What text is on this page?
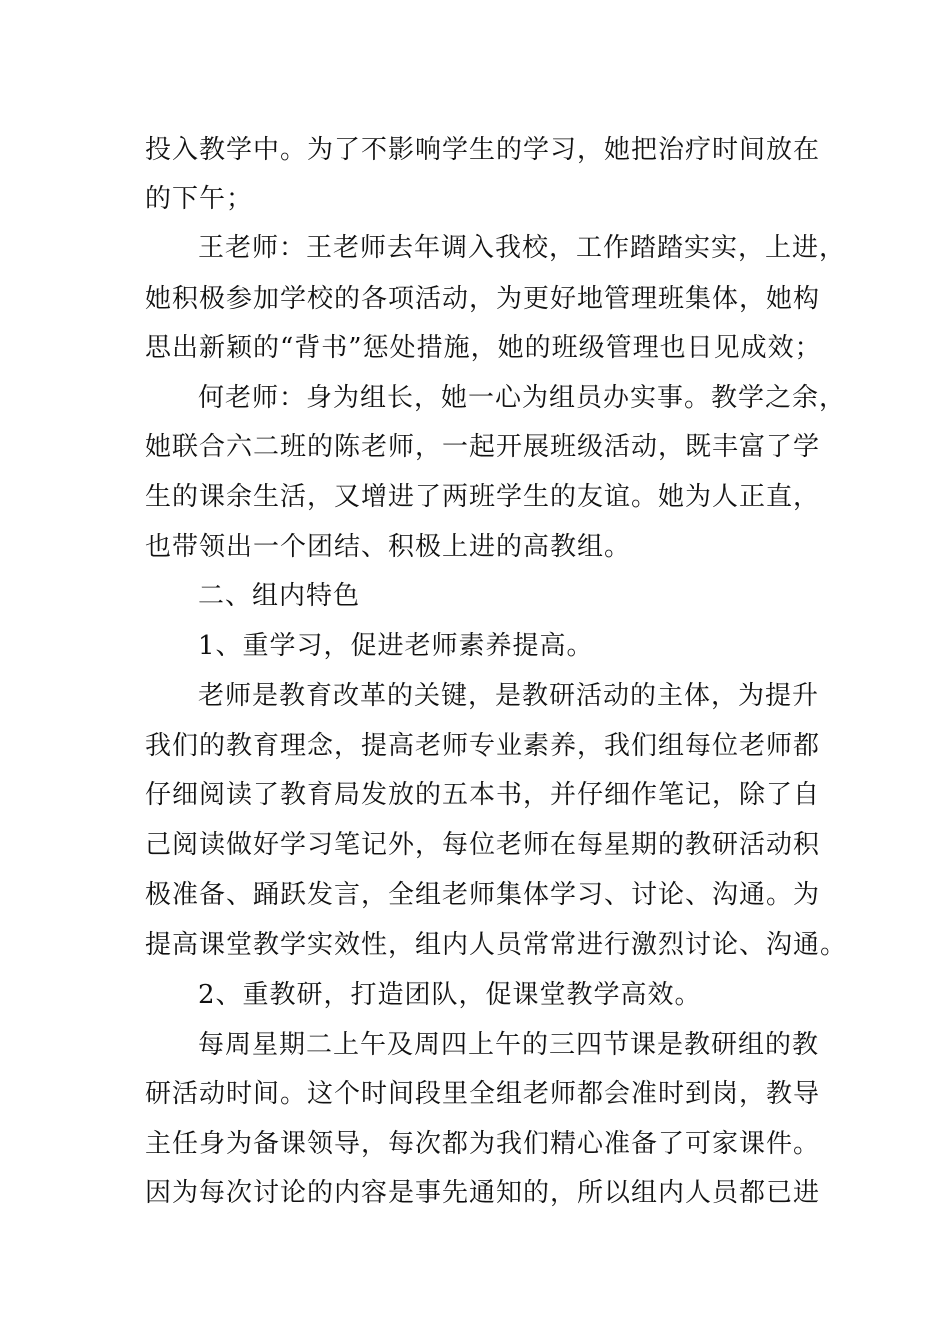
投入教学中。为了不影响学生的学习，她把治疗时间放在
的下午；
王老师：王老师去年调入我校，工作踏踏实实，上进，
她积极参加学校的各项活动，为更好地管理班集体，她构
思出新颖的“背书”惩处措施，她的班级管理也日见成效；
何老师：身为组长，她一心为组员办实事。教学之余，
她联合六二班的陈老师，一起开展班级活动，既丰富了学
生的课余生活，又增进了两班学生的友谊。她为人正直，
也带领出一个团结、积极上进的高教组。
二、组内特色
1、重学习，促进老师素养提高。
老师是教育改革的关键，是教研活动的主体，为提升
我们的教育理念，提高老师专业素养，我们组每位老师都
仔细阅读了教育局发放的五本书，并仔细作笔记，除了自
己阅读做好学习笔记外，每位老师在每星期的教研活动积
极准备、踊跃发言，全组老师集体学习、讨论、沟通。为
提高课堂教学实效性，组内人员常常进行激烈讨论、沟通。
2、重教研，打造团队，促课堂教学高效。
每周星期二上午及周四上午的三四节课是教研组的教
研活动时间。这个时间段里全组老师都会准时到岗，教导
主任身为备课领导，每次都为我们精心准备了可家课件。
因为每次讨论的内容是事先通知的，所以组内人员都已进
